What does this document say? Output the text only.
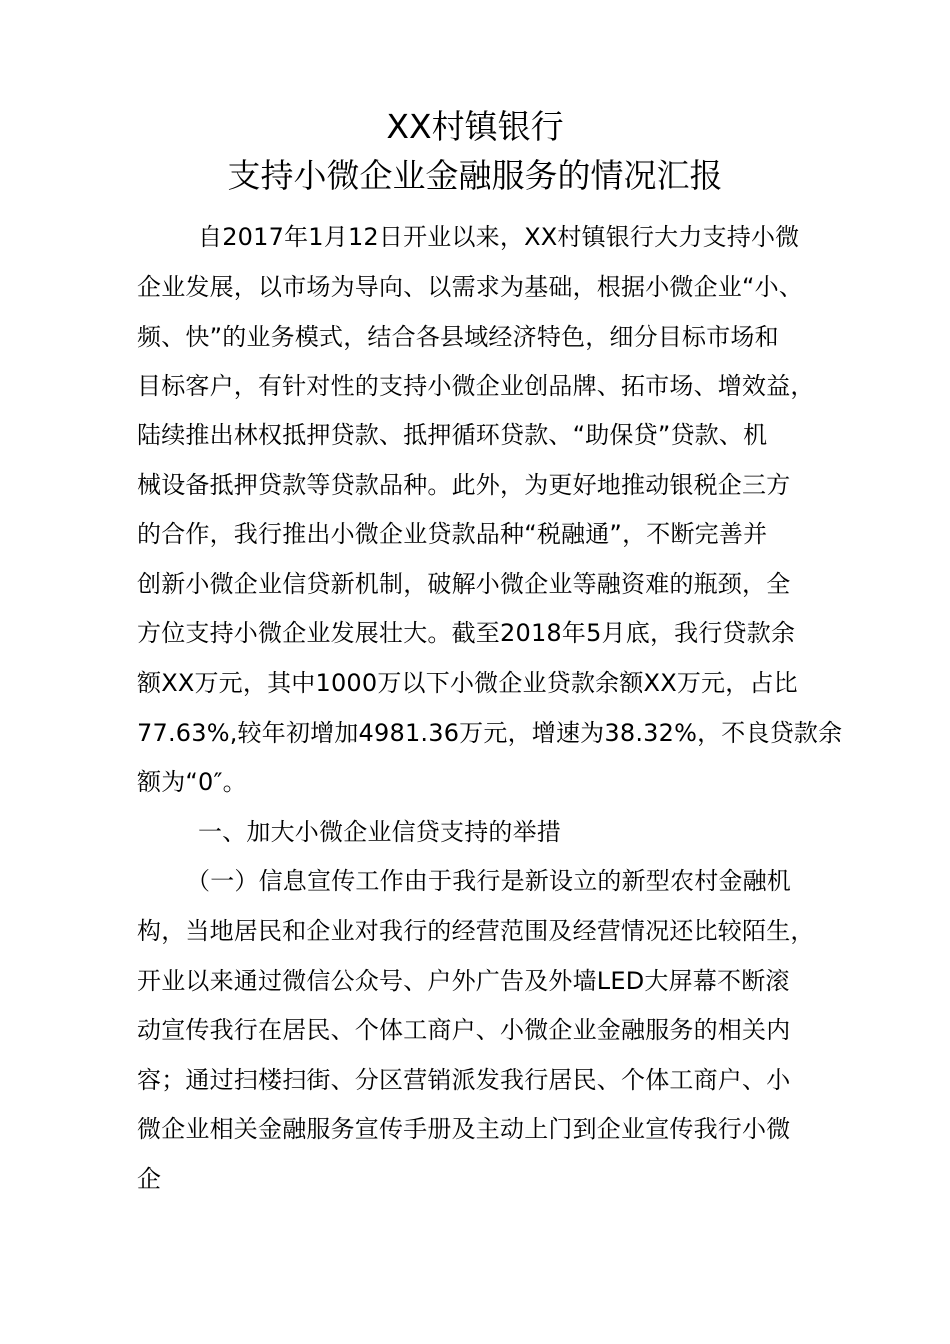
XX村镇银行
支持小微企业金融服务的情况汇报
自2017年1月12日开业以来，XX村镇银行大力支持小微
企业发展，以市场为导向、以需求为基础，根据小微企业“小、
频、快”的业务模式，结合各县域经济特色，细分目标市场和
目标客户，有针对性的支持小微企业创品牌、拓市场、增效益，
陆续推出林权抵押贷款、抵押循环贷款、“助保贷”贷款、机
械设备抵押贷款等贷款品种。此外，为更好地推动银税企三方
的合作，我行推出小微企业贷款品种“税融通”，不断完善并
创新小微企业信贷新机制，破解小微企业等融资难的瓶颈，全
方位支持小微企业发展壮大。截至2018年5月底，我行贷款余
额XX万元，其中1000万以下小微企业贷款余额XX万元，占比
77.63%,较年初增加4981.36万元，增速为38.32%，不良贷款余
额为“0″。
一、加大小微企业信贷支持的举措
（一）信息宣传工作由于我行是新设立的新型农村金融机
构，当地居民和企业对我行的经营范围及经营情况还比较陌生，
开业以来通过微信公众号、户外广告及外墙LED大屏幕不断滚
动宣传我行在居民、个体工商户、小微企业金融服务的相关内
容；通过扫楼扫街、分区营销派发我行居民、个体工商户、小
微企业相关金融服务宣传手册及主动上门到企业宣传我行小微
企
